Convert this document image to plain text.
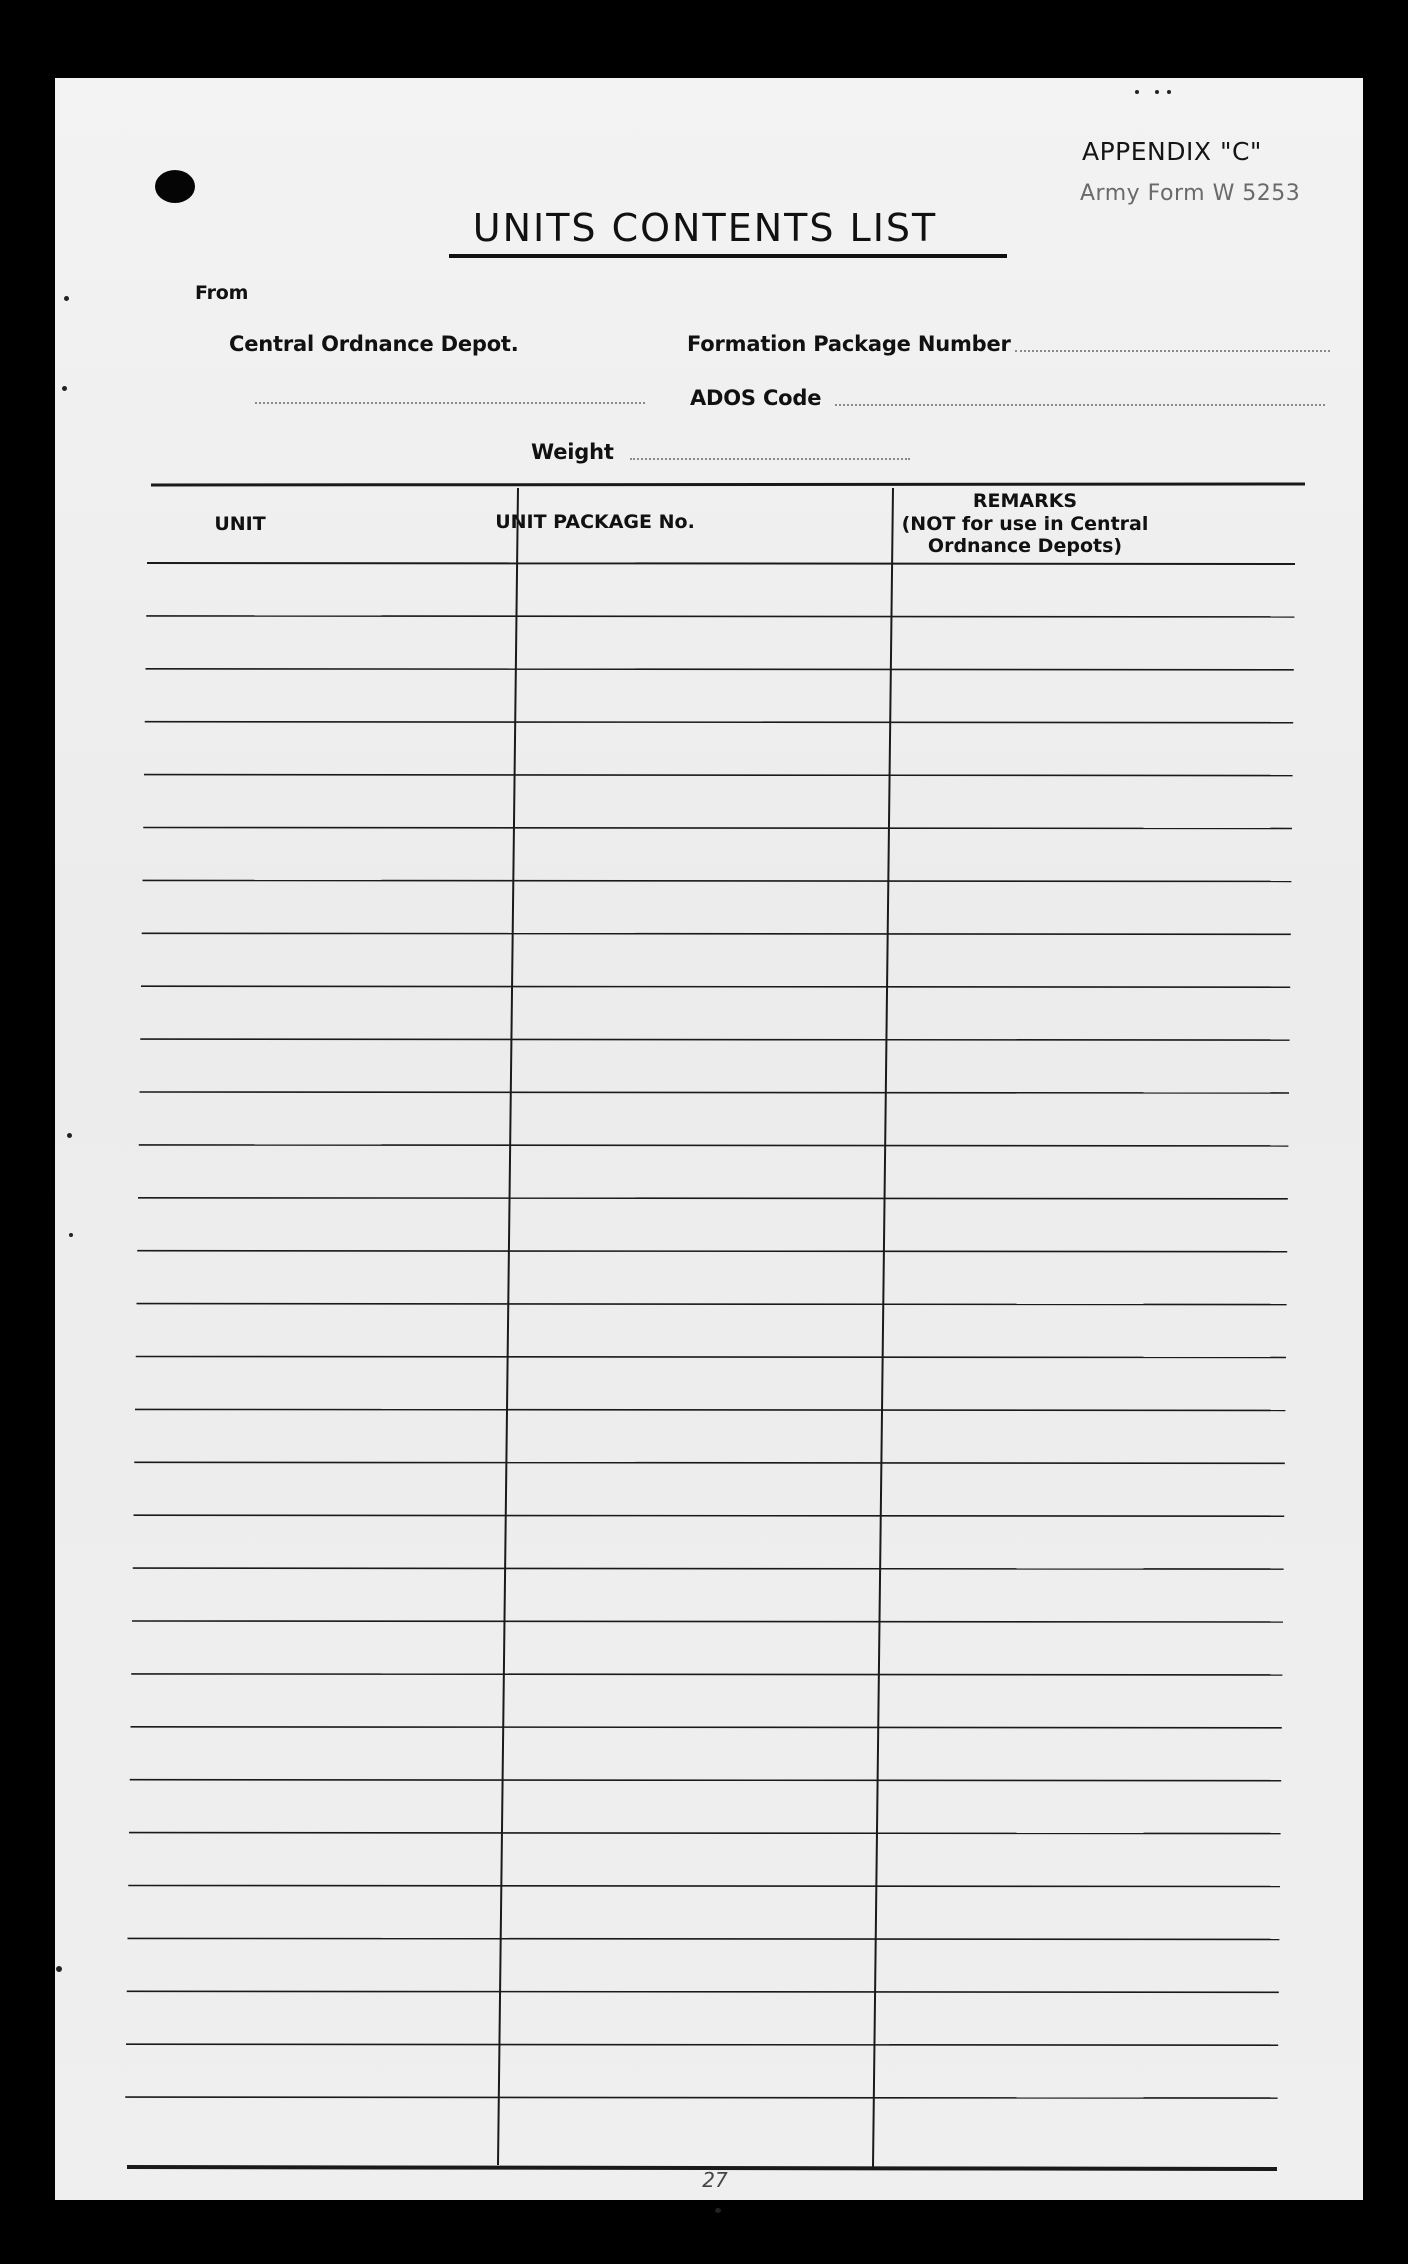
APPENDIX "C"
Army Form W 5253
UNITS CONTENTS LIST
From
Central Ordnance Depot.	Formation Package Number
ADOS Code
Weight
UNIT	UNIT PACKAGE No.
REMARKS
(NOT for use in Central
Ordnance Depots)
27
